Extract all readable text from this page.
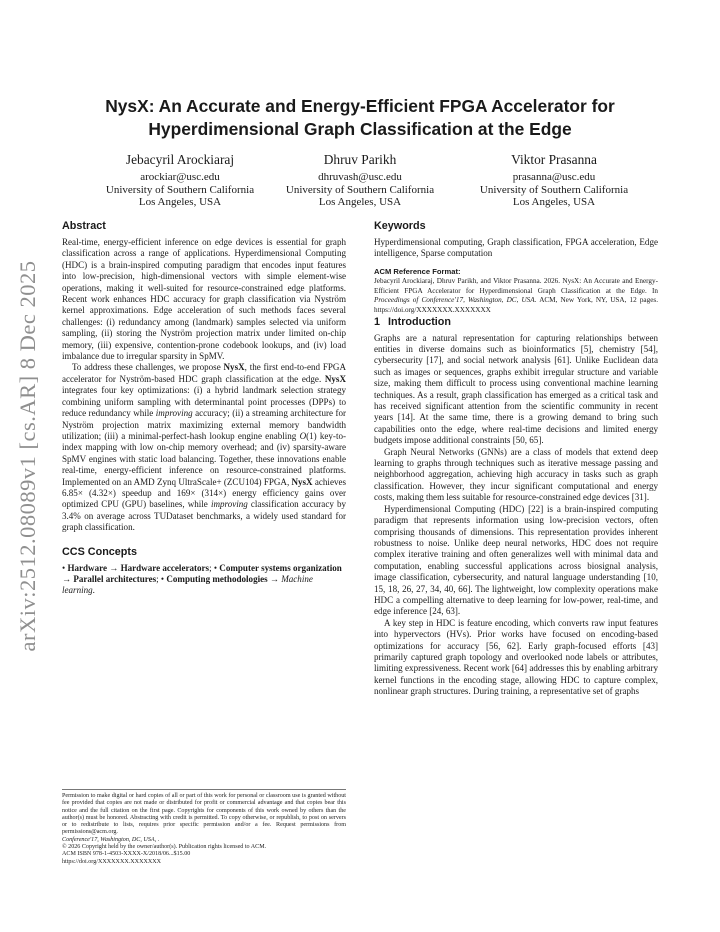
arXiv:2512.08089v1 [cs.AR] 8 Dec 2025
NysX: An Accurate and Energy-Efficient FPGA Accelerator for
Hyperdimensional Graph Classification at the Edge
Jebacyril Arockiaraj
arockiar@usc.edu
University of Southern California
Los Angeles, USA
Dhruv Parikh
dhruvash@usc.edu
University of Southern California
Los Angeles, USA
Viktor Prasanna
prasanna@usc.edu
University of Southern California
Los Angeles, USA
Abstract

Real-time, energy-efficient inference on edge devices is essential for graph classification across a range of applications. Hyperdimensional Computing (HDC) is a brain-inspired computing paradigm that encodes input features into low-precision, high-dimensional vectors with simple element-wise operations, making it well-suited for resource-constrained edge platforms. Recent work enhances HDC accuracy for graph classification via Nyström kernel approximations. Edge acceleration of such methods faces several challenges: (i) redundancy among (landmark) samples selected via uniform sampling, (ii) storing the Nyström projection matrix under limited on-chip memory, (iii) expensive, contention-prone codebook lookups, and (iv) load imbalance due to irregular sparsity in SpMV.

To address these challenges, we propose NysX, the first end-to-end FPGA accelerator for Nyström-based HDC graph classification at the edge. NysX integrates four key optimizations: (i) a hybrid landmark selection strategy combining uniform sampling with determinantal point processes (DPPs) to reduce redundancy while improving accuracy; (ii) a streaming architecture for Nyström projection matrix maximizing external memory bandwidth utilization; (iii) a minimal-perfect-hash lookup engine enabling O(1) key-to-index mapping with low on-chip memory overhead; and (iv) sparsity-aware SpMV engines with static load balancing. Together, these innovations enable real-time, energy-efficient inference on resource-constrained platforms. Implemented on an AMD Zynq UltraScale+ (ZCU104) FPGA, NysX achieves 6.85× (4.32×) speedup and 169× (314×) energy efficiency gains over optimized CPU (GPU) baselines, while improving classification accuracy by 3.4% on average across TUDataset benchmarks, a widely used standard for graph classification.

CCS Concepts

• Hardware → Hardware accelerators; • Computer systems organization → Parallel architectures; • Computing methodologies → Machine learning.

Permission to make digital or hard copies of all or part of this work for personal or classroom use is granted without fee provided that copies are not made or distributed for profit or commercial advantage and that copies bear this notice and the full citation on the first page. Copyrights for components of this work owned by others than the author(s) must be honored. Abstracting with credit is permitted. To copy otherwise, or republish, to post on servers or to redistribute to lists, requires prior specific permission and/or a fee. Request permissions from permissions@acm.org.
Conference'17, Washington, DC, USA, .
© 2026 Copyright held by the owner/author(s). Publication rights licensed to ACM.
ACM ISBN 978-1-4503-XXXX-X/2018/06...$15.00
https://doi.org/XXXXXXX.XXXXXXX
Keywords

Hyperdimensional computing, Graph classification, FPGA acceleration, Edge intelligence, Sparse computation

ACM Reference Format:

Jebacyril Arockiaraj, Dhruv Parikh, and Viktor Prasanna. 2026. NysX: An Accurate and Energy-Efficient FPGA Accelerator for Hyperdimensional Graph Classification at the Edge. In Proceedings of Conference'17, Washington, DC, USA. ACM, New York, NY, USA, 12 pages. https://doi.org/XXXXXXX.XXXXXXX

1 Introduction

Graphs are a natural representation for capturing relationships between entities in diverse domains such as bioinformatics [5], chemistry [54], cybersecurity [17], and social network analysis [61]. Unlike Euclidean data such as images or sequences, graphs exhibit irregular structure and variable size, making them difficult to process using conventional machine learning techniques. As a result, graph classification has emerged as a critical task and has received significant attention from the scientific community in recent years [14]. At the same time, there is a growing demand to bring such capabilities onto the edge, where real-time decisions and limited energy budgets impose additional constraints [50, 65].

Graph Neural Networks (GNNs) are a class of models that extend deep learning to graphs through techniques such as iterative message passing and neighborhood aggregation, achieving high accuracy in tasks such as graph classification. However, they incur significant computational and energy costs, making them less suitable for resource-constrained edge devices [31].

Hyperdimensional Computing (HDC) [22] is a brain-inspired computing paradigm that represents information using low-precision vectors, often comprising thousands of dimensions. This representation provides inherent robustness to noise. Unlike deep neural networks, HDC does not require complex iterative training and often generalizes well with minimal data and computation, enabling successful applications across biosignal analysis, image classification, cybersecurity, and natural language understanding [10, 15, 18, 26, 27, 34, 40, 66]. The lightweight, low complexity operations make HDC a compelling alternative to deep learning for low-power, real-time, and edge inference [24, 63].

A key step in HDC is feature encoding, which converts raw input features into hypervectors (HVs). Prior works have focused on encoding-based optimizations for accuracy [56, 62]. Early graph-focused efforts [43] primarily captured graph topology and overlooked node labels or attributes, limiting expressiveness. Recent work [64] addresses this by enabling arbitrary kernel functions in the encoding stage, allowing HDC to capture complex, nonlinear graph structures. During training, a representative set of graphs
